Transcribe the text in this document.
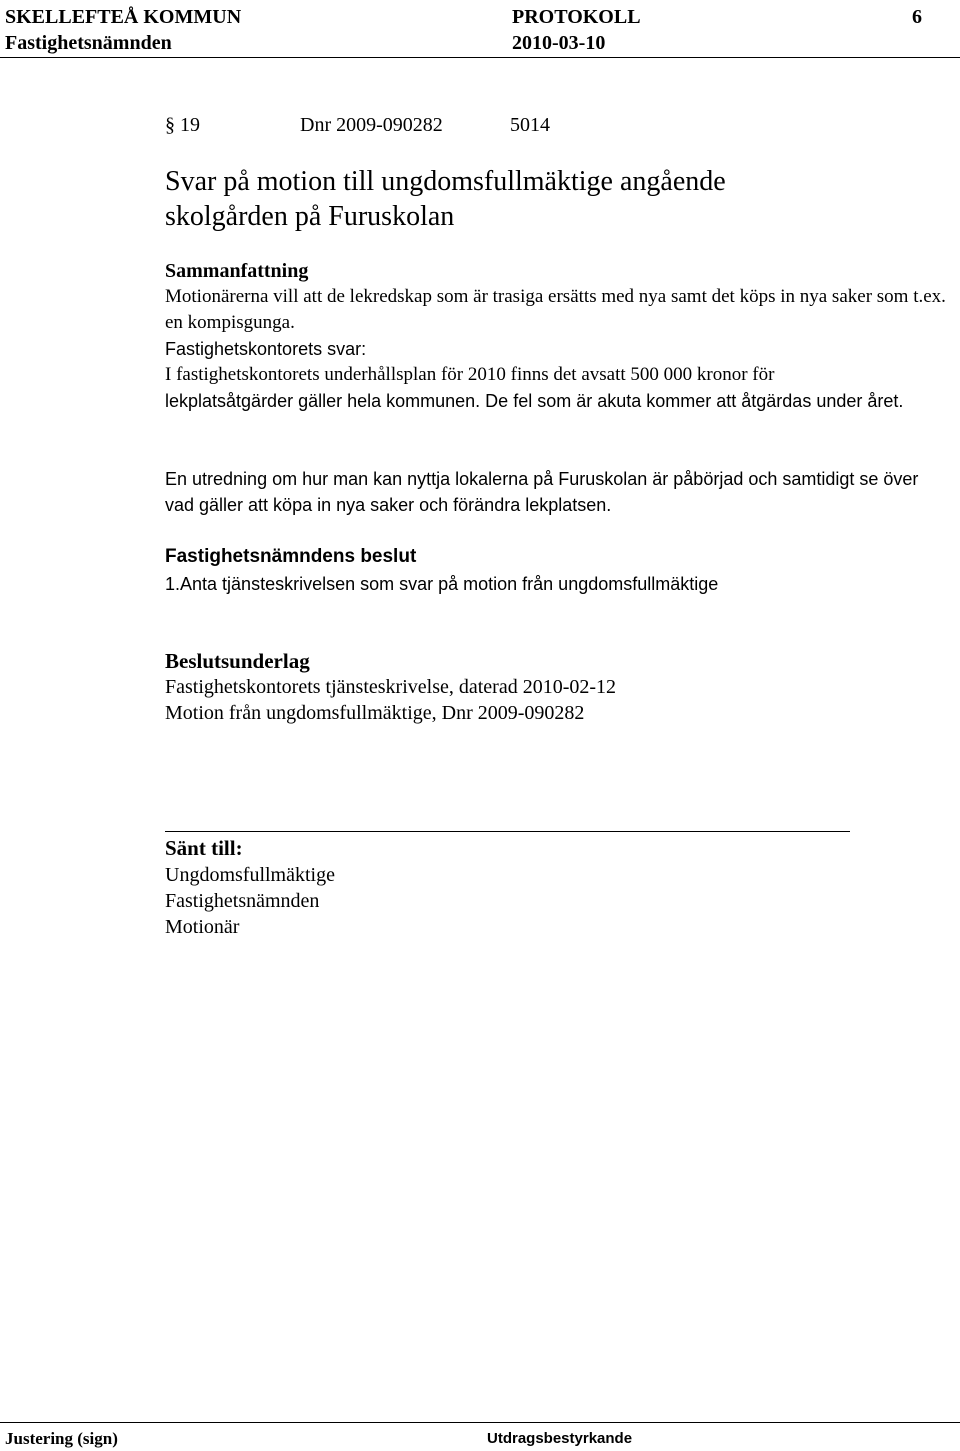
SKELLEFTEÅ KOMMUN	PROTOKOLL	6
Fastighetsnämnden	2010-03-10
§ 19	Dnr 2009-090282	5014
Svar på motion till ungdomsfullmäktige angående
skolgården på Furuskolan
Sammanfattning
Motionärerna vill att de lekredskap som är trasiga ersätts med nya samt det köps in nya saker som t.ex. en kompisgunga.
Fastighetskontorets svar:
I fastighetskontorets underhållsplan för 2010 finns det avsatt 500 000 kronor för
lekplatsåtgärder gäller hela kommunen. De fel som är akuta kommer att åtgärdas under året.
En utredning om hur man kan nyttja lokalerna på Furuskolan är påbörjad och samtidigt se över vad gäller att köpa in nya saker och förändra lekplatsen.
Fastighetsnämndens beslut
1.Anta tjänsteskrivelsen som svar på motion från ungdomsfullmäktige
Beslutsunderlag
Fastighetskontorets tjänsteskrivelse, daterad 2010-02-12
Motion från ungdomsfullmäktige, Dnr 2009-090282
Sänt till:
Ungdomsfullmäktige
Fastighetsnämnden
Motionär
Justering (sign)	Utdragsbestyrkande
